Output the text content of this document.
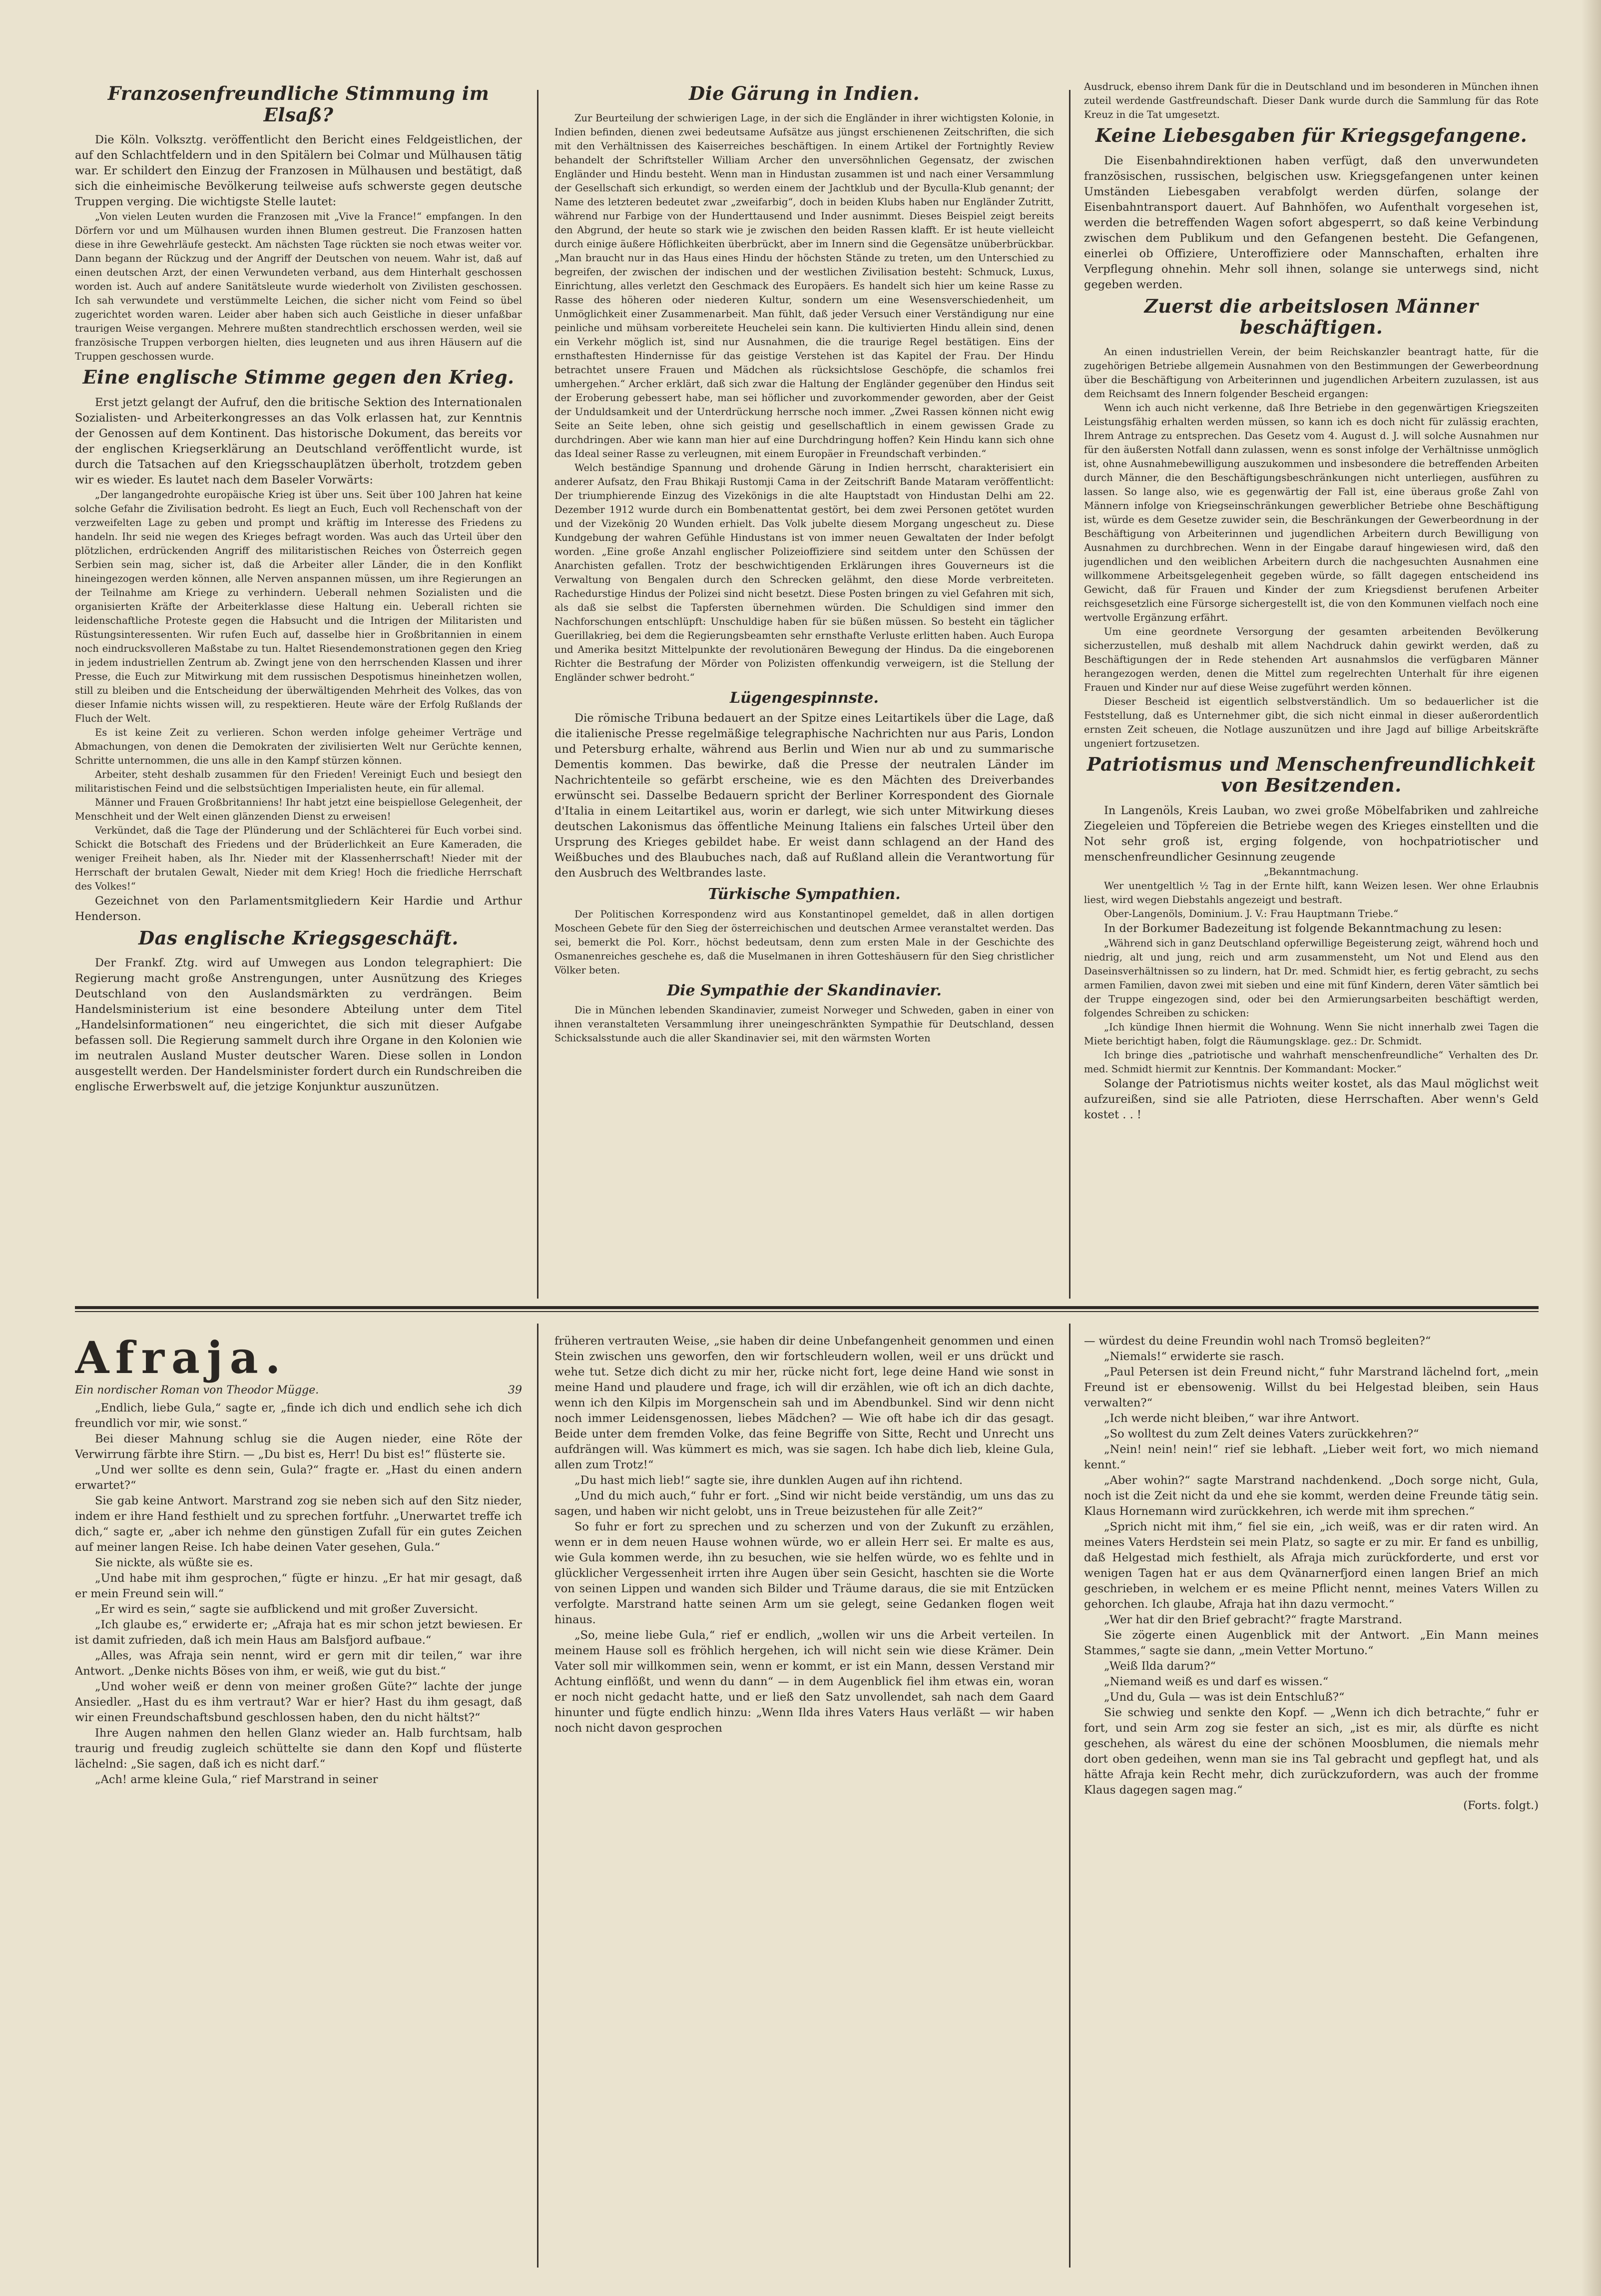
Franzosenfreundliche Stimmung im Elsaß?

Die Köln. Volksztg. veröffentlicht den Bericht eines Feldgeistlichen, der auf den Schlachtfeldern und in den Spitälern bei Colmar und Mülhausen tätig war. Er schildert den Einzug der Franzosen in Mülhausen und bestätigt, daß sich die einheimische Bevölkerung teilweise aufs schwerste gegen deutsche Truppen verging. Die wichtigste Stelle lautet:

„Von vielen Leuten wurden die Franzosen mit „Vive la France!“ empfangen. In den Dörfern vor und um Mülhausen wurden ihnen Blumen gestreut. Die Franzosen hatten diese in ihre Gewehrläufe gesteckt. Am nächsten Tage rückten sie noch etwas weiter vor. Dann begann der Rückzug und der Angriff der Deutschen von neuem. Wahr ist, daß auf einen deutschen Arzt, der einen Verwundeten verband, aus dem Hinterhalt geschossen worden ist. Auch auf andere Sanitätsleute wurde wiederholt von Zivilisten geschossen. Ich sah verwundete und verstümmelte Leichen, die sicher nicht vom Feind so übel zugerichtet worden waren. Leider aber haben sich auch Geistliche in dieser unfaßbar traurigen Weise vergangen. Mehrere mußten standrechtlich erschossen werden, weil sie französische Truppen verborgen hielten, dies leugneten und aus ihren Häusern auf die Truppen geschossen wurde.

Eine englische Stimme gegen den Krieg.

Erst jetzt gelangt der Aufruf, den die britische Sektion des Internationalen Sozialisten- und Arbeiterkongresses an das Volk erlassen hat, zur Kenntnis der Genossen auf dem Kontinent. Das historische Dokument, das bereits vor der englischen Kriegserklärung an Deutschland veröffentlicht wurde, ist durch die Tatsachen auf den Kriegsschauplätzen überholt, trotzdem geben wir es wieder. Es lautet nach dem Baseler Vorwärts:

„Der langangedrohte europäische Krieg ist über uns. Seit über 100 Jahren hat keine solche Gefahr die Zivilisation bedroht. Es liegt an Euch, Euch voll Rechenschaft von der verzweifelten Lage zu geben und prompt und kräftig im Interesse des Friedens zu handeln. Ihr seid nie wegen des Krieges befragt worden. Was auch das Urteil über den plötzlichen, erdrückenden Angriff des militaristischen Reiches von Österreich gegen Serbien sein mag, sicher ist, daß die Arbeiter aller Länder, die in den Konflikt hineingezogen werden können, alle Nerven anspannen müssen, um ihre Regierungen an der Teilnahme am Kriege zu verhindern. Ueberall nehmen Sozialisten und die organisierten Kräfte der Arbeiterklasse diese Haltung ein. Ueberall richten sie leidenschaftliche Proteste gegen die Habsucht und die Intrigen der Militaristen und Rüstungsinteressenten. Wir rufen Euch auf, dasselbe hier in Großbritannien in einem noch eindrucksvolleren Maßstabe zu tun. Haltet Riesendemonstrationen gegen den Krieg in jedem industriellen Zentrum ab. Zwingt jene von den herrschenden Klassen und ihrer Presse, die Euch zur Mitwirkung mit dem russischen Despotismus hineinhetzen wollen, still zu bleiben und die Entscheidung der überwältigenden Mehrheit des Volkes, das von dieser Infamie nichts wissen will, zu respektieren. Heute wäre der Erfolg Rußlands der Fluch der Welt.

Es ist keine Zeit zu verlieren. Schon werden infolge geheimer Verträge und Abmachungen, von denen die Demokraten der zivilisierten Welt nur Gerüchte kennen, Schritte unternommen, die uns alle in den Kampf stürzen können.

Arbeiter, steht deshalb zusammen für den Frieden! Vereinigt Euch und besiegt den militaristischen Feind und die selbstsüchtigen Imperialisten heute, ein für allemal.

Männer und Frauen Großbritanniens! Ihr habt jetzt eine beispiellose Gelegenheit, der Menschheit und der Welt einen glänzenden Dienst zu erweisen!

Verkündet, daß die Tage der Plünderung und der Schlächterei für Euch vorbei sind. Schickt die Botschaft des Friedens und der Brüderlichkeit an Eure Kameraden, die weniger Freiheit haben, als Ihr. Nieder mit der Klassenherrschaft! Nieder mit der Herrschaft der brutalen Gewalt, Nieder mit dem Krieg! Hoch die friedliche Herrschaft des Volkes!“

Gezeichnet von den Parlamentsmitgliedern Keir Hardie und Arthur Henderson.

Das englische Kriegsgeschäft.

Der Frankf. Ztg. wird auf Umwegen aus London telegraphiert: Die Regierung macht große Anstrengungen, unter Ausnützung des Krieges Deutschland von den Auslandsmärkten zu verdrängen. Beim Handelsministerium ist eine besondere Abteilung unter dem Titel „Handelsinformationen“ neu eingerichtet, die sich mit dieser Aufgabe befassen soll. Die Regierung sammelt durch ihre Organe in den Kolonien wie im neutralen Ausland Muster deutscher Waren. Diese sollen in London ausgestellt werden. Der Handelsminister fordert durch ein Rundschreiben die englische Erwerbswelt auf, die jetzige Konjunktur auszunützen.

Die Gärung in Indien.

Zur Beurteilung der schwierigen Lage, in der sich die Engländer in ihrer wichtigsten Kolonie, in Indien befinden, dienen zwei bedeutsame Aufsätze aus jüngst erschienenen Zeitschriften, die sich mit den Verhältnissen des Kaiserreiches beschäftigen. In einem Artikel der Fortnightly Review behandelt der Schriftsteller William Archer den unversöhnlichen Gegensatz, der zwischen Engländer und Hindu besteht. Wenn man in Hindustan zusammen ist und nach einer Versammlung der Gesellschaft sich erkundigt, so werden einem der Jachtklub und der Byculla-Klub genannt; der Name des letzteren bedeutet zwar „zweifarbig“, doch in beiden Klubs haben nur Engländer Zutritt, während nur Farbige von der Hunderttausend und Inder ausnimmt. Dieses Beispiel zeigt bereits den Abgrund, der heute so stark wie je zwischen den beiden Rassen klafft. Er ist heute vielleicht durch einige äußere Höflichkeiten überbrückt, aber im Innern sind die Gegensätze unüberbrückbar. „Man braucht nur in das Haus eines Hindu der höchsten Stände zu treten, um den Unterschied zu begreifen, der zwischen der indischen und der westlichen Zivilisation besteht: Schmuck, Luxus, Einrichtung, alles verletzt den Geschmack des Europäers. Es handelt sich hier um keine Rasse zu Rasse des höheren oder niederen Kultur, sondern um eine Wesensverschiedenheit, um Unmöglichkeit einer Zusammenarbeit. Man fühlt, daß jeder Versuch einer Verständigung nur eine peinliche und mühsam vorbereitete Heuchelei sein kann. Die kultivierten Hindu allein sind, denen ein Verkehr möglich ist, sind nur Ausnahmen, die die traurige Regel bestätigen. Eins der ernsthaftesten Hindernisse für das geistige Verstehen ist das Kapitel der Frau. Der Hindu betrachtet unsere Frauen und Mädchen als rücksichtslose Geschöpfe, die schamlos frei umhergehen.“ Archer erklärt, daß sich zwar die Haltung der Engländer gegenüber den Hindus seit der Eroberung gebessert habe, man sei höflicher und zuvorkommender geworden, aber der Geist der Unduldsamkeit und der Unterdrückung herrsche noch immer. „Zwei Rassen können nicht ewig Seite an Seite leben, ohne sich geistig und gesellschaftlich in einem gewissen Grade zu durchdringen. Aber wie kann man hier auf eine Durchdringung hoffen? Kein Hindu kann sich ohne das Ideal seiner Rasse zu verleugnen, mit einem Europäer in Freundschaft verbinden.“

Welch beständige Spannung und drohende Gärung in Indien herrscht, charakterisiert ein anderer Aufsatz, den Frau Bhikaji Rustomji Cama in der Zeitschrift Bande Mataram veröffentlicht: Der triumphierende Einzug des Vizekönigs in die alte Hauptstadt von Hindustan Delhi am 22. Dezember 1912 wurde durch ein Bombenattentat gestört, bei dem zwei Personen getötet wurden und der Vizekönig 20 Wunden erhielt. Das Volk jubelte diesem Morgang ungescheut zu. Diese Kundgebung der wahren Gefühle Hindustans ist von immer neuen Gewaltaten der Inder befolgt worden. „Eine große Anzahl englischer Polizeioffiziere sind seitdem unter den Schüssen der Anarchisten gefallen. Trotz der beschwichtigenden Erklärungen ihres Gouverneurs ist die Verwaltung von Bengalen durch den Schrecken gelähmt, den diese Morde verbreiteten. Rachedurstige Hindus der Polizei sind nicht besetzt. Diese Posten bringen zu viel Gefahren mit sich, als daß sie selbst die Tapfersten übernehmen würden. Die Schuldigen sind immer den Nachforschungen entschlüpft: Unschuldige haben für sie büßen müssen. So besteht ein täglicher Guerillakrieg, bei dem die Regierungsbeamten sehr ernsthafte Verluste erlitten haben. Auch Europa und Amerika besitzt Mittelpunkte der revolutionären Bewegung der Hindus. Da die eingeborenen Richter die Bestrafung der Mörder von Polizisten offenkundig verweigern, ist die Stellung der Engländer schwer bedroht.“

Lügengespinnste.

Die römische Tribuna bedauert an der Spitze eines Leitartikels über die Lage, daß die italienische Presse regelmäßige telegraphische Nachrichten nur aus Paris, London und Petersburg erhalte, während aus Berlin und Wien nur ab und zu summarische Dementis kommen. Das bewirke, daß die Presse der neutralen Länder im Nachrichtenteile so gefärbt erscheine, wie es den Mächten des Dreiverbandes erwünscht sei. Dasselbe Bedauern spricht der Berliner Korrespondent des Giornale d'Italia in einem Leitartikel aus, worin er darlegt, wie sich unter Mitwirkung dieses deutschen Lakonismus das öffentliche Meinung Italiens ein falsches Urteil über den Ursprung des Krieges gebildet habe. Er weist dann schlagend an der Hand des Weißbuches und des Blaubuches nach, daß auf Rußland allein die Verantwortung für den Ausbruch des Weltbrandes laste.

Türkische Sympathien.

Der Politischen Korrespondenz wird aus Konstantinopel gemeldet, daß in allen dortigen Moscheen Gebete für den Sieg der österreichischen und deutschen Armee veranstaltet werden. Das sei, bemerkt die Pol. Korr., höchst bedeutsam, denn zum ersten Male in der Geschichte des Osmanenreiches geschehe es, daß die Muselmanen in ihren Gotteshäusern für den Sieg christlicher Völker beten.

Die Sympathie der Skandinavier.

Die in München lebenden Skandinavier, zumeist Norweger und Schweden, gaben in einer von ihnen veranstalteten Versammlung ihrer uneingeschränkten Sympathie für Deutschland, dessen Schicksalsstunde auch die aller Skandinavier sei, mit den wärmsten Worten

Ausdruck, ebenso ihrem Dank für die in Deutschland und im besonderen in München ihnen zuteil werdende Gastfreundschaft. Dieser Dank wurde durch die Sammlung für das Rote Kreuz in die Tat umgesetzt.

Keine Liebesgaben für Kriegsgefangene.

Die Eisenbahndirektionen haben verfügt, daß den unverwundeten französischen, russischen, belgischen usw. Kriegsgefangenen unter keinen Umständen Liebesgaben verabfolgt werden dürfen, solange der Eisenbahntransport dauert. Auf Bahnhöfen, wo Aufenthalt vorgesehen ist, werden die betreffenden Wagen sofort abgesperrt, so daß keine Verbindung zwischen dem Publikum und den Gefangenen besteht. Die Gefangenen, einerlei ob Offiziere, Unteroffiziere oder Mannschaften, erhalten ihre Verpflegung ohnehin. Mehr soll ihnen, solange sie unterwegs sind, nicht gegeben werden.

Zuerst die arbeitslosen Männer beschäftigen.

An einen industriellen Verein, der beim Reichskanzler beantragt hatte, für die zugehörigen Betriebe allgemein Ausnahmen von den Bestimmungen der Gewerbeordnung über die Beschäftigung von Arbeiterinnen und jugendlichen Arbeitern zuzulassen, ist aus dem Reichsamt des Innern folgender Bescheid ergangen:

Wenn ich auch nicht verkenne, daß Ihre Betriebe in den gegenwärtigen Kriegszeiten Leistungsfähig erhalten werden müssen, so kann ich es doch nicht für zulässig erachten, Ihrem Antrage zu entsprechen. Das Gesetz vom 4. August d. J. will solche Ausnahmen nur für den äußersten Notfall dann zulassen, wenn es sonst infolge der Verhältnisse unmöglich ist, ohne Ausnahmebewilligung auszukommen und insbesondere die betreffenden Arbeiten durch Männer, die den Beschäftigungsbeschränkungen nicht unterliegen, ausführen zu lassen. So lange also, wie es gegenwärtig der Fall ist, eine überaus große Zahl von Männern infolge von Kriegseinschränkungen gewerblicher Betriebe ohne Beschäftigung ist, würde es dem Gesetze zuwider sein, die Beschränkungen der Gewerbeordnung in der Beschäftigung von Arbeiterinnen und jugendlichen Arbeitern durch Bewilligung von Ausnahmen zu durchbrechen. Wenn in der Eingabe darauf hingewiesen wird, daß den jugendlichen und den weiblichen Arbeitern durch die nachgesuchten Ausnahmen eine willkommene Arbeitsgelegenheit gegeben würde, so fällt dagegen entscheidend ins Gewicht, daß für Frauen und Kinder der zum Kriegsdienst berufenen Arbeiter reichsgesetzlich eine Fürsorge sichergestellt ist, die von den Kommunen vielfach noch eine wertvolle Ergänzung erfährt.

Um eine geordnete Versorgung der gesamten arbeitenden Bevölkerung sicherzustellen, muß deshalb mit allem Nachdruck dahin gewirkt werden, daß zu Beschäftigungen der in Rede stehenden Art ausnahmslos die verfügbaren Männer herangezogen werden, denen die Mittel zum regelrechten Unterhalt für ihre eigenen Frauen und Kinder nur auf diese Weise zugeführt werden können.

Dieser Bescheid ist eigentlich selbstverständlich. Um so bedauerlicher ist die Feststellung, daß es Unternehmer gibt, die sich nicht einmal in dieser außerordentlich ernsten Zeit scheuen, die Notlage auszunützen und ihre Jagd auf billige Arbeitskräfte ungeniert fortzusetzen.

Patriotismus und Menschenfreundlichkeit von Besitzenden.

In Langenöls, Kreis Lauban, wo zwei große Möbelfabriken und zahlreiche Ziegeleien und Töpfereien die Betriebe wegen des Krieges einstellten und die Not sehr groß ist, erging folgende, von hochpatriotischer und menschenfreundlicher Gesinnung zeugende

„Bekanntmachung.

Wer unentgeltlich ½ Tag in der Ernte hilft, kann Weizen lesen. Wer ohne Erlaubnis liest, wird wegen Diebstahls angezeigt und bestraft.

Ober-Langenöls, Dominium. J. V.: Frau Hauptmann Triebe.“

In der Borkumer Badezeitung ist folgende Bekanntmachung zu lesen:

„Während sich in ganz Deutschland opferwillige Begeisterung zeigt, während hoch und niedrig, alt und jung, reich und arm zusammensteht, um Not und Elend aus den Daseinsverhältnissen so zu lindern, hat Dr. med. Schmidt hier, es fertig gebracht, zu sechs armen Familien, davon zwei mit sieben und eine mit fünf Kindern, deren Väter sämtlich bei der Truppe eingezogen sind, oder bei den Armierungsarbeiten beschäftigt werden, folgendes Schreiben zu schicken:

„Ich kündige Ihnen hiermit die Wohnung. Wenn Sie nicht innerhalb zwei Tagen die Miete berichtigt haben, folgt die Räumungsklage. gez.: Dr. Schmidt.

Ich bringe dies „patriotische und wahrhaft menschenfreundliche“ Verhalten des Dr. med. Schmidt hiermit zur Kenntnis. Der Kommandant: Mocker.“

Solange der Patriotismus nichts weiter kostet, als das Maul möglichst weit aufzureißen, sind sie alle Patrioten, diese Herrschaften. Aber wenn's Geld kostet . . !

Afraja.
Ein nordischer Roman von Theodor Mügge.	39

„Endlich, liebe Gula,“ sagte er, „finde ich dich und endlich sehe ich dich freundlich vor mir, wie sonst.“

Bei dieser Mahnung schlug sie die Augen nieder, eine Röte der Verwirrung färbte ihre Stirn. — „Du bist es, Herr! Du bist es!“ flüsterte sie.

„Und wer sollte es denn sein, Gula?“ fragte er. „Hast du einen andern erwartet?“

Sie gab keine Antwort. Marstrand zog sie neben sich auf den Sitz nieder, indem er ihre Hand festhielt und zu sprechen fortfuhr. „Unerwartet treffe ich dich,“ sagte er, „aber ich nehme den günstigen Zufall für ein gutes Zeichen auf meiner langen Reise. Ich habe deinen Vater gesehen, Gula.“

Sie nickte, als wüßte sie es.

„Und habe mit ihm gesprochen,“ fügte er hinzu. „Er hat mir gesagt, daß er mein Freund sein will.“

„Er wird es sein,“ sagte sie aufblickend und mit großer Zuversicht.

„Ich glaube es,“ erwiderte er; „Afraja hat es mir schon jetzt bewiesen. Er ist damit zufrieden, daß ich mein Haus am Balsfjord aufbaue.“

„Alles, was Afraja sein nennt, wird er gern mit dir teilen,“ war ihre Antwort. „Denke nichts Böses von ihm, er weiß, wie gut du bist.“

„Und woher weiß er denn von meiner großen Güte?“ lachte der junge Ansiedler. „Hast du es ihm vertraut? War er hier? Hast du ihm gesagt, daß wir einen Freundschaftsbund geschlossen haben, den du nicht hältst?“

Ihre Augen nahmen den hellen Glanz wieder an. Halb furchtsam, halb traurig und freudig zugleich schüttelte sie dann den Kopf und flüsterte lächelnd: „Sie sagen, daß ich es nicht darf.“

„Ach! arme kleine Gula,“ rief Marstrand in seiner

früheren vertrauten Weise, „sie haben dir deine Unbefangenheit genommen und einen Stein zwischen uns geworfen, den wir fortschleudern wollen, weil er uns drückt und wehe tut. Setze dich dicht zu mir her, rücke nicht fort, lege deine Hand wie sonst in meine Hand und plaudere und frage, ich will dir erzählen, wie oft ich an dich dachte, wenn ich den Kilpis im Morgenschein sah und im Abendbunkel. Sind wir denn nicht noch immer Leidensgenossen, liebes Mädchen? — Wie oft habe ich dir das gesagt. Beide unter dem fremden Volke, das feine Begriffe von Sitte, Recht und Unrecht uns aufdrängen will. Was kümmert es mich, was sie sagen. Ich habe dich lieb, kleine Gula, allen zum Trotz!“

„Du hast mich lieb!“ sagte sie, ihre dunklen Augen auf ihn richtend.

„Und du mich auch,“ fuhr er fort. „Sind wir nicht beide verständig, um uns das zu sagen, und haben wir nicht gelobt, uns in Treue beizustehen für alle Zeit?“

So fuhr er fort zu sprechen und zu scherzen und von der Zukunft zu erzählen, wenn er in dem neuen Hause wohnen würde, wo er allein Herr sei. Er malte es aus, wie Gula kommen werde, ihn zu besuchen, wie sie helfen würde, wo es fehlte und in glücklicher Vergessenheit irrten ihre Augen über sein Gesicht, haschten sie die Worte von seinen Lippen und wanden sich Bilder und Träume daraus, die sie mit Entzücken verfolgte. Marstrand hatte seinen Arm um sie gelegt, seine Gedanken flogen weit hinaus.

„So, meine liebe Gula,“ rief er endlich, „wollen wir uns die Arbeit verteilen. In meinem Hause soll es fröhlich hergehen, ich will nicht sein wie diese Krämer. Dein Vater soll mir willkommen sein, wenn er kommt, er ist ein Mann, dessen Verstand mir Achtung einflößt, und wenn du dann“ — in dem Augenblick fiel ihm etwas ein, woran er noch nicht gedacht hatte, und er ließ den Satz unvollendet, sah nach dem Gaard hinunter und fügte endlich hinzu: „Wenn Ilda ihres Vaters Haus verläßt — wir haben noch nicht davon gesprochen

— würdest du deine Freundin wohl nach Tromsö begleiten?“

„Niemals!“ erwiderte sie rasch.

„Paul Petersen ist dein Freund nicht,“ fuhr Marstrand lächelnd fort, „mein Freund ist er ebensowenig. Willst du bei Helgestad bleiben, sein Haus verwalten?“

„Ich werde nicht bleiben,“ war ihre Antwort.

„So wolltest du zum Zelt deines Vaters zurückkehren?“

„Nein! nein! nein!“ rief sie lebhaft. „Lieber weit fort, wo mich niemand kennt.“

„Aber wohin?“ sagte Marstrand nachdenkend. „Doch sorge nicht, Gula, noch ist die Zeit nicht da und ehe sie kommt, werden deine Freunde tätig sein. Klaus Hornemann wird zurückkehren, ich werde mit ihm sprechen.“

„Sprich nicht mit ihm,“ fiel sie ein, „ich weiß, was er dir raten wird. An meines Vaters Herdstein sei mein Platz, so sagte er zu mir. Er fand es unbillig, daß Helgestad mich festhielt, als Afraja mich zurückforderte, und erst vor wenigen Tagen hat er aus dem Qvänarnerfjord einen langen Brief an mich geschrieben, in welchem er es meine Pflicht nennt, meines Vaters Willen zu gehorchen. Ich glaube, Afraja hat ihn dazu vermocht.“

„Wer hat dir den Brief gebracht?“ fragte Marstrand.

Sie zögerte einen Augenblick mit der Antwort. „Ein Mann meines Stammes,“ sagte sie dann, „mein Vetter Mortuno.“

„Weiß Ilda darum?“

„Niemand weiß es und darf es wissen.“

„Und du, Gula — was ist dein Entschluß?“

Sie schwieg und senkte den Kopf. — „Wenn ich dich betrachte,“ fuhr er fort, und sein Arm zog sie fester an sich, „ist es mir, als dürfte es nicht geschehen, als wärest du eine der schönen Moosblumen, die niemals mehr dort oben gedeihen, wenn man sie ins Tal gebracht und gepflegt hat, und als hätte Afraja kein Recht mehr, dich zurückzufordern, was auch der fromme Klaus dagegen sagen mag.“

(Forts. folgt.)
